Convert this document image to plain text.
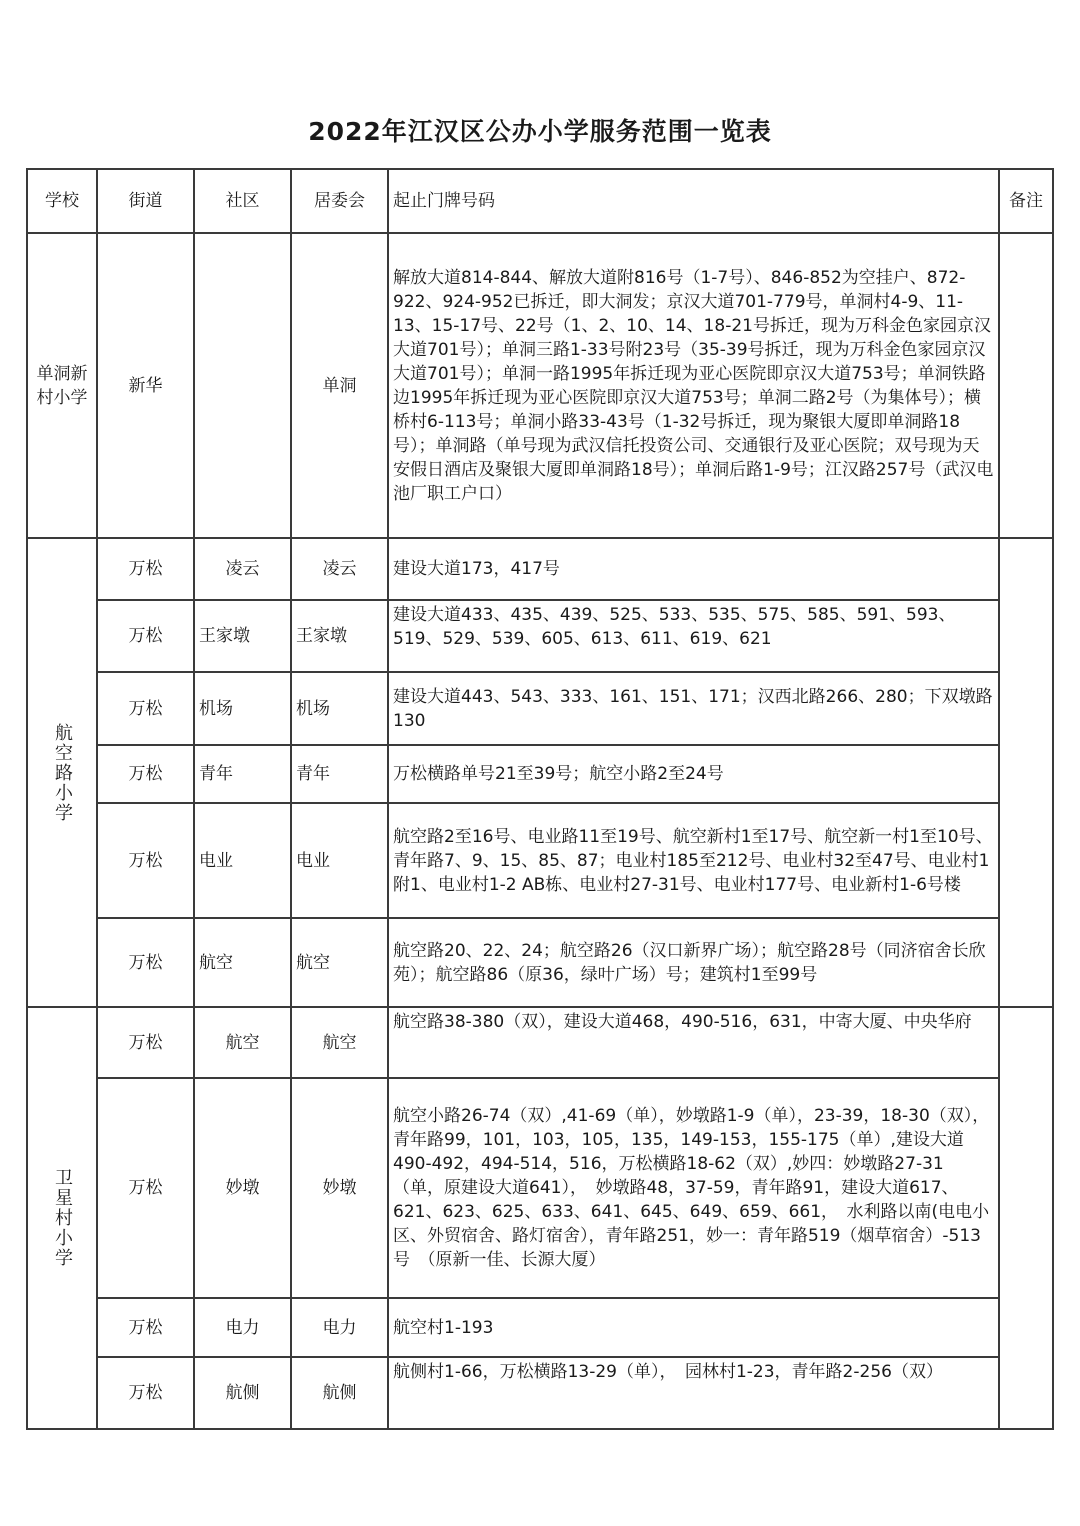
2022年江汉区公办小学服务范围一览表
学校	街道	社区	居委会	起止门牌号码	备注
单洞新村小学	新华		单洞	解放大道814-844、解放大道附816号（1-7号）、846-852为空挂户、872-922、924-952已拆迁，即大洞发；京汉大道701-779号，单洞村4-9、11-13、15-17号、22号（1、2、10、14、18-21号拆迁，现为万科金色家园京汉大道701号）；单洞三路1-33号附23号（35-39号拆迁，现为万科金色家园京汉大道701号）；单洞一路1995年拆迁现为亚心医院即京汉大道753号；单洞铁路边1995年拆迁现为亚心医院即京汉大道753号；单洞二路2号（为集体号）；横桥村6-113号；单洞小路33-43号（1-32号拆迁，现为聚银大厦即单洞路18号）；单洞路（单号现为武汉信托投资公司、交通银行及亚心医院；双号现为天安假日酒店及聚银大厦即单洞路18号）；单洞后路1-9号；江汉路257号（武汉电池厂职工户口）	

航空路小学	万松	凌云	凌云	建设大道173，417号	
	万松	王家墩	王家墩	建设大道433、435、439、525、533、535、575、585、591、593、519、529、539、605、613、611、619、621	
	万松	机场	机场	建设大道443、543、333、161、151、171；汉西北路266、280；下双墩路130	
	万松	青年	青年	万松横路单号21至39号；航空小路2至24号	
	万松	电业	电业	航空路2至16号、电业路11至19号、航空新村1至17号、航空新一村1至10号、青年路7、9、15、85、87；电业村185至212号、电业村32至47号、电业村1附1、电业村1-2 AB栋、电业村27-31号、电业村177号、电业新村1-6号楼	
	万松	航空	航空	航空路20、22、24；航空路26（汉口新界广场）；航空路28号（同济宿舍长欣苑）；航空路86（原36，绿叶广场）号；建筑村1至99号	

卫星村小学	万松	航空	航空	航空路38-380（双），建设大道468，490-516，631，中寄大厦、中央华府	
	万松	妙墩	妙墩	航空小路26-74（双）,41-69（单），妙墩路1-9（单），23-39，18-30（双），青年路99，101，103，105，135，149-153，155-175（单）,建设大道490-492，494-514，516，万松横路18-62（双）,妙四：妙墩路27-31（单，原建设大道641），　妙墩路48，37-59，青年路91，建设大道617、621、623、625、633、641、645、649、659、661，　水利路以南(电电小区、外贸宿舍、路灯宿舍），青年路251，妙一：青年路519（烟草宿舍）-513号　（原新一佳、长源大厦）	
	万松	电力	电力	航空村1-193	
	万松	航侧	航侧	航侧村1-66，万松横路13-29（单），　园林村1-23，青年路2-256（双）	
